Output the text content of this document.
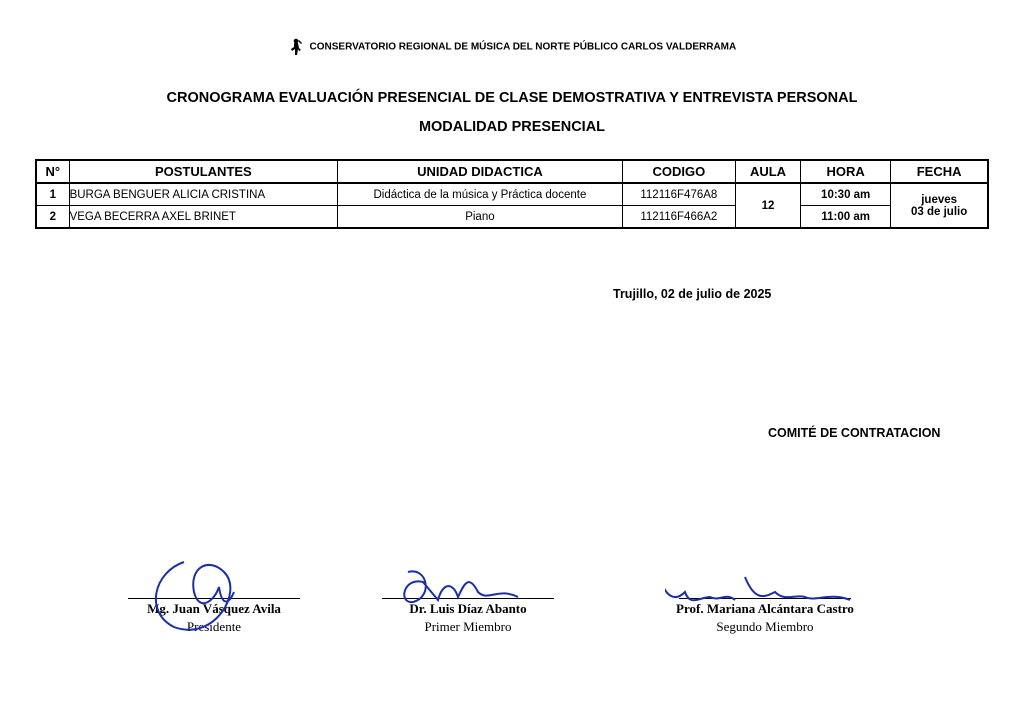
CONSERVATORIO REGIONAL DE MÚSICA DEL NORTE PÚBLICO CARLOS VALDERRAMA
CRONOGRAMA EVALUACIÓN PRESENCIAL DE CLASE DEMOSTRATIVA Y ENTREVISTA PERSONAL
MODALIDAD PRESENCIAL
N°	POSTULANTES	UNIDAD DIDACTICA	CODIGO	AULA	HORA	FECHA
1	BURGA BENGUER ALICIA CRISTINA	Didáctica de la música y Práctica docente	112116F476A8	12	10:30 am	jueves
03 de julio

2	VEGA BECERRA AXEL BRINET	Piano	112116F466A2		11:00 am	
Trujillo, 02 de julio de 2025
COMITÉ DE CONTRATACION
Mg. Juan Vásquez Avila
Presidente
Dr. Luis Díaz Abanto
Primer Miembro
Prof. Mariana Alcántara Castro
Segundo Miembro
